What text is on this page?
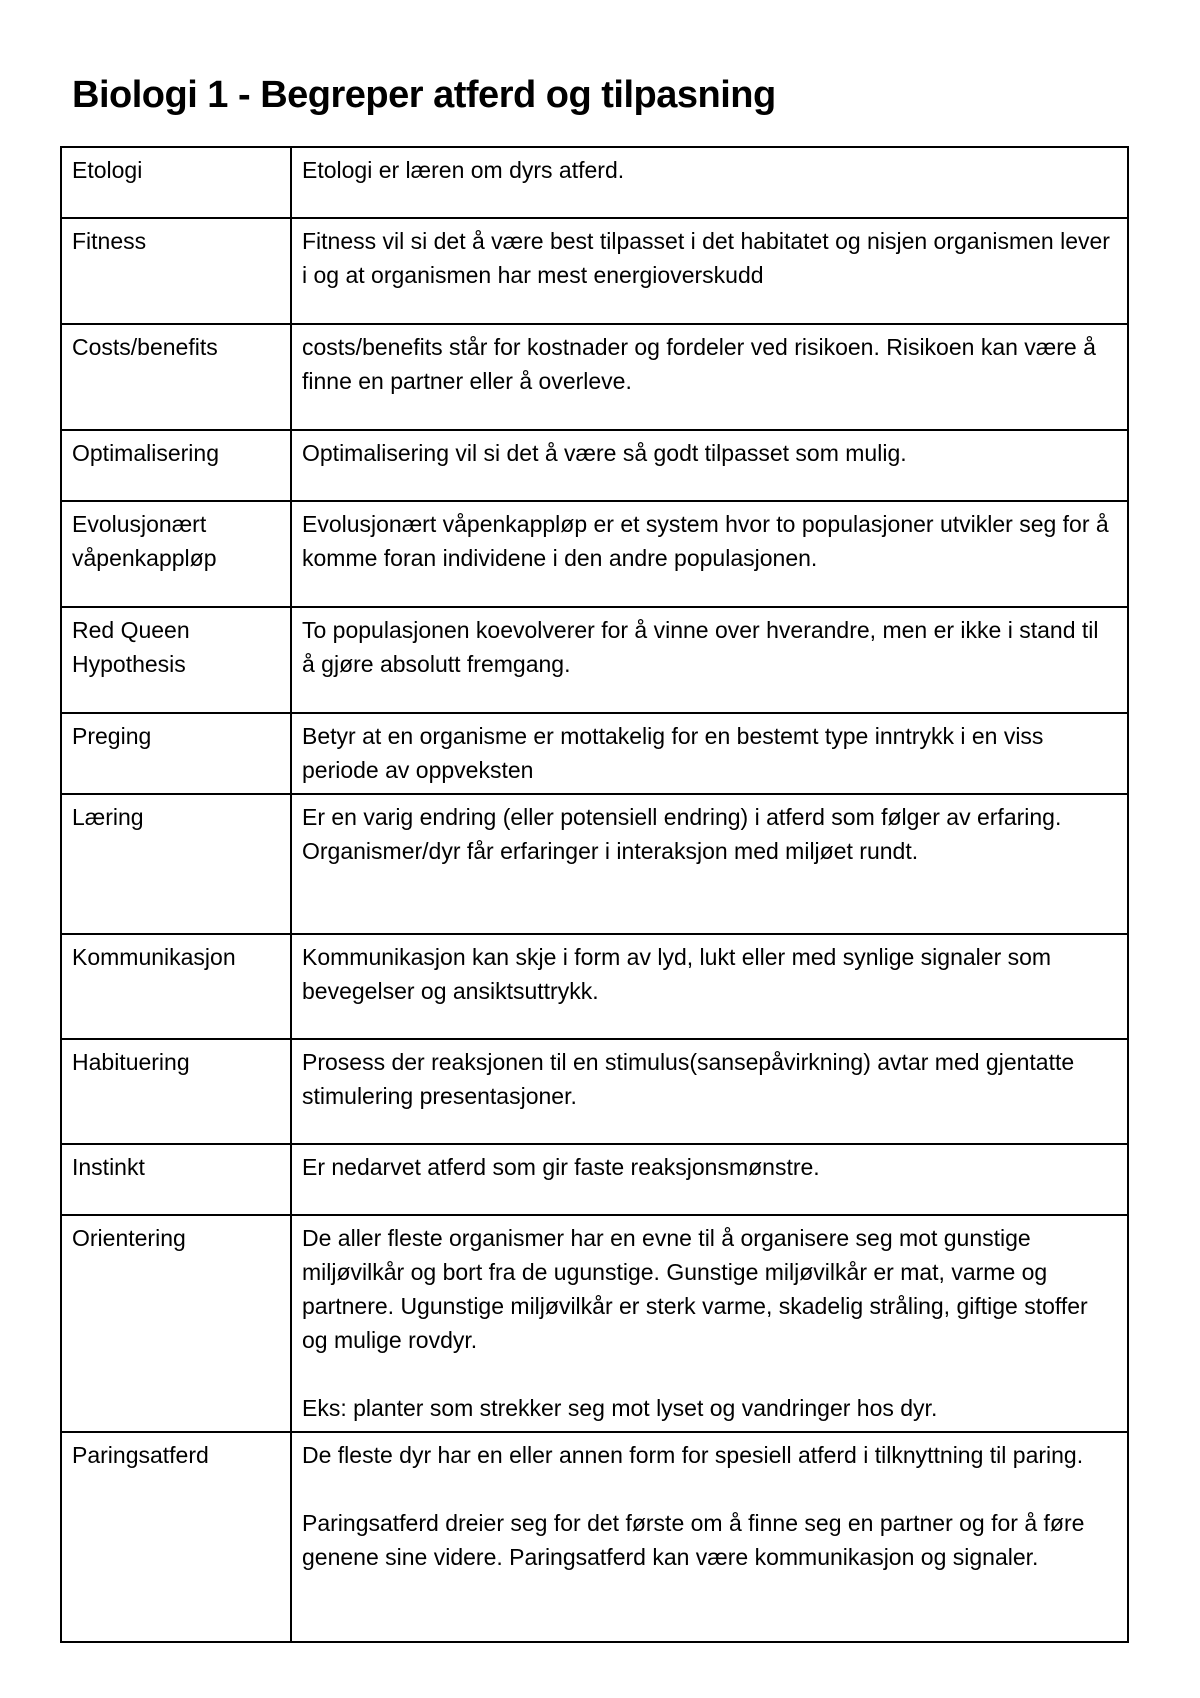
Biologi 1 - Begreper atferd og tilpasning
Etologi	Etologi er læren om dyrs atferd.
Fitness	Fitness vil si det å være best tilpasset i det habitatet og nisjen organismen lever i og at organismen har mest energioverskudd
Costs/benefits	costs/benefits står for kostnader og fordeler ved risikoen. Risikoen kan være å finne en partner eller å overleve.
Optimalisering	Optimalisering vil si det å være så godt tilpasset som mulig.
Evolusjonært våpenkappløp	Evolusjonært våpenkappløp er et system hvor to populasjoner utvikler seg for å komme foran individene i den andre populasjonen.
Red Queen Hypothesis	To populasjonen koevolverer for å vinne over hverandre, men er ikke i stand til å gjøre absolutt fremgang.
Preging	Betyr at en organisme er mottakelig for en bestemt type inntrykk i en viss periode av oppveksten
Læring	Er en varig endring (eller potensiell endring) i atferd som følger av erfaring. Organismer/dyr får erfaringer i interaksjon med miljøet rundt.
Kommunikasjon	Kommunikasjon kan skje i form av lyd, lukt eller med synlige signaler som bevegelser og ansiktsuttrykk.
Habituering	Prosess der reaksjonen til en stimulus(sansepåvirkning) avtar med gjentatte stimulering presentasjoner.
Instinkt	Er nedarvet atferd som gir faste reaksjonsmønstre.
Orientering	De aller fleste organismer har en evne til å organisere seg mot gunstige miljøvilkår og bort fra de ugunstige. Gunstige miljøvilkår er mat, varme og partnere. Ugunstige miljøvilkår er sterk varme, skadelig stråling, giftige stoffer og mulige rovdyr.

Eks: planter som strekker seg mot lyset og vandringer hos dyr.
Paringsatferd	De fleste dyr har en eller annen form for spesiell atferd i tilknyttning til paring.

Paringsatferd dreier seg for det første om å finne seg en partner og for å føre genene sine videre. Paringsatferd kan være kommunikasjon og signaler.
